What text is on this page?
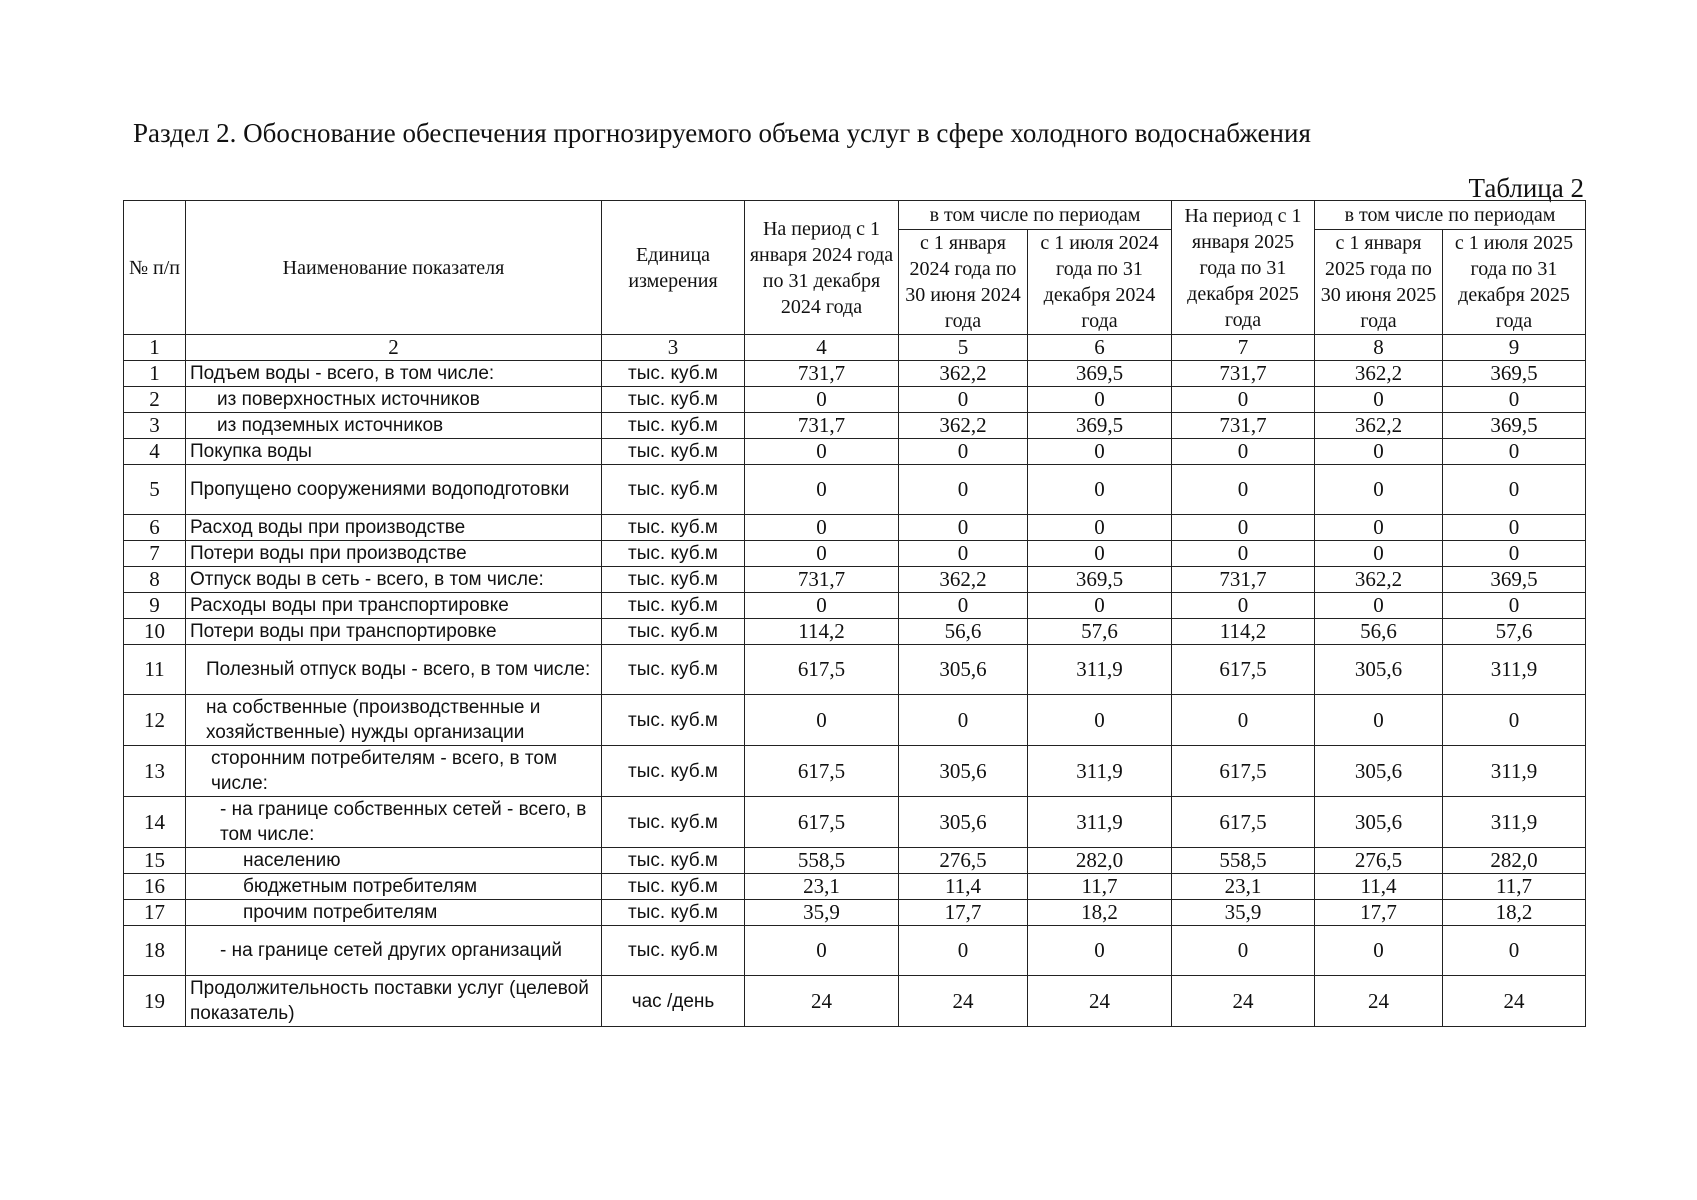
Раздел 2. Обоснование обеспечения прогнозируемого объема услуг в сфере холодного водоснабжения
Таблица 2
№ п/п	Наименование показателя	Единица измерения	На период с 1 января 2024 года по 31 декабря 2024 года	в том числе по периодам		На период с 1 января 2025 года по 31 декабря 2025 года	в том числе по периодам	
				с 1 января 2024 года по 30 июня 2024 года	с 1 июля 2024 года по 31 декабря 2024 года		с 1 января 2025 года по 30 июня 2025 года	с 1 июля 2025 года по 31 декабря 2025 года
1	2	3	4	5	6	7	8	9
1	Подъем воды - всего, в том числе:	тыс. куб.м	731,7	362,2	369,5	731,7	362,2	369,5
2	из поверхностных источников	тыс. куб.м	0	0	0	0	0	0
3	из подземных источников	тыс. куб.м	731,7	362,2	369,5	731,7	362,2	369,5
4	Покупка воды	тыс. куб.м	0	0	0	0	0	0
5	Пропущено сооружениями водоподготовки	тыс. куб.м	0	0	0	0	0	0
6	Расход воды при производстве	тыс. куб.м	0	0	0	0	0	0
7	Потери воды при производстве	тыс. куб.м	0	0	0	0	0	0
8	Отпуск воды в сеть - всего, в том числе:	тыс. куб.м	731,7	362,2	369,5	731,7	362,2	369,5
9	Расходы воды при транспортировке	тыс. куб.м	0	0	0	0	0	0
10	Потери воды при транспортировке	тыс. куб.м	114,2	56,6	57,6	114,2	56,6	57,6
11	Полезный отпуск воды - всего, в том числе:	тыс. куб.м	617,5	305,6	311,9	617,5	305,6	311,9
12	на собственные (производственные и хозяйственные) нужды организации	тыс. куб.м	0	0	0	0	0	0
13	сторонним потребителям - всего, в том числе:	тыс. куб.м	617,5	305,6	311,9	617,5	305,6	311,9
14	- на границе собственных сетей - всего, в том числе:	тыс. куб.м	617,5	305,6	311,9	617,5	305,6	311,9
15	населению	тыс. куб.м	558,5	276,5	282,0	558,5	276,5	282,0
16	бюджетным потребителям	тыс. куб.м	23,1	11,4	11,7	23,1	11,4	11,7
17	прочим потребителям	тыс. куб.м	35,9	17,7	18,2	35,9	17,7	18,2
18	- на границе сетей других организаций	тыс. куб.м	0	0	0	0	0	0
19	Продолжительность поставки услуг (целевой показатель)	час /день	24	24	24	24	24	24
